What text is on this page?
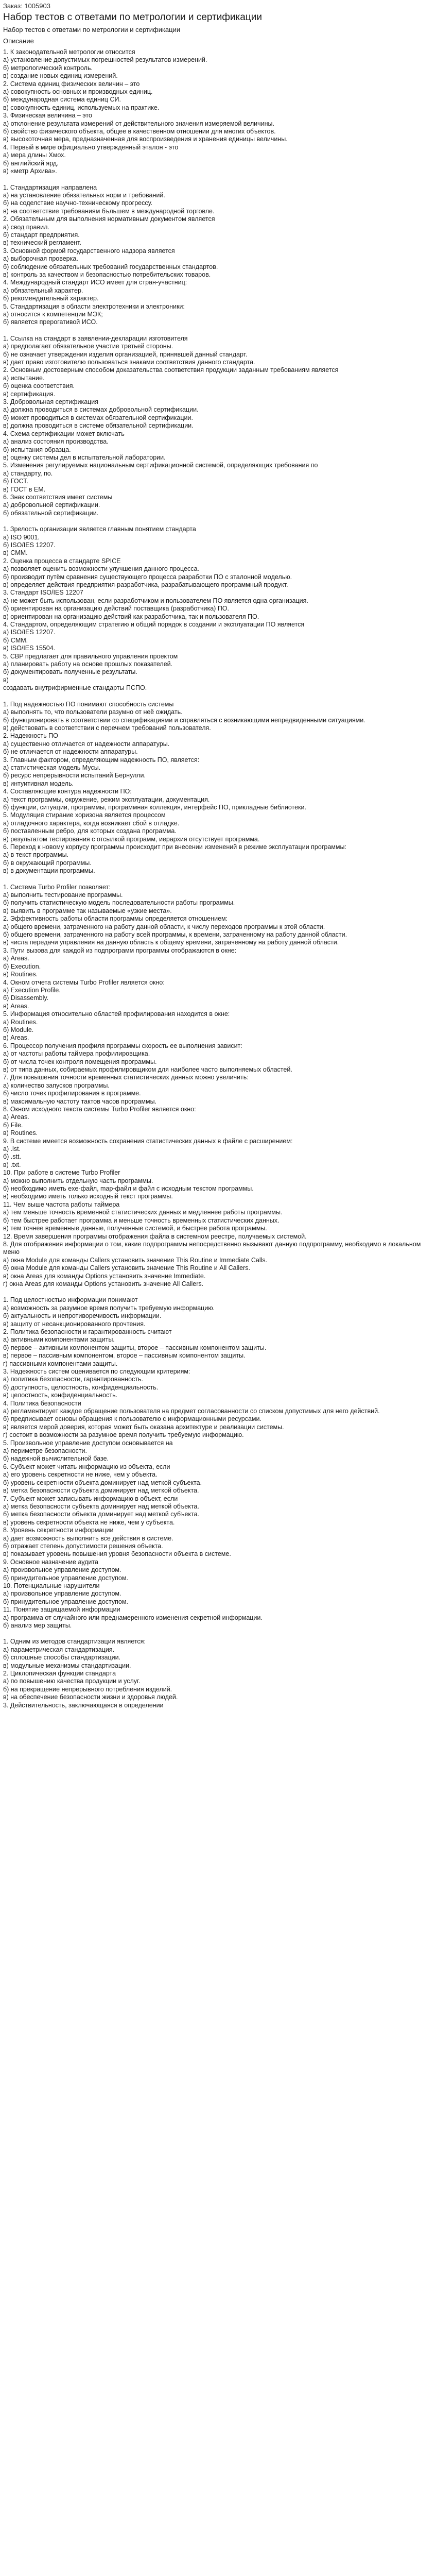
Заказ: 1005903
Набор тестов с ответами по метрологии и сертификации
Набор тестов с ответами по метрологии и сертификации
Описание

1. К законодательной метрологии относится

а) установление допустимых погрешностей результатов измерений.

б) метрологический контроль.

в) создание новых единиц измерений.

2. Система единиц физических величин – это

а) совокупность основных и производных единиц.

б) международная система единиц СИ.

в) совокупность единиц, используемых на практике.

3. Физическая величина – это

а) отклонение результата измерений от действительного значения измеряемой величины.

б) свойство физического объекта, общее в качественном отношении для многих объектов.

в) высокоточная мера, предназначенная для воспроизведения и хранения единицы величины.

4. Первый в мире официально утвержденный эталон - это

а) мера длины Хмох.

б) английский ярд.

в) «метр Архива».

1. Стандартизация направлена

а) на установление обязательных норм и требований.

б) на соделствие научно-техническому прогрессу.

в) на соответствие требованиям бъльшем в международной торговле.

2. Обязательным для выполнения нормативным документом является

а) свод правил.

б) стандарт предприятия.

в) технический регламент.

3. Основной формой государственного надзора является

а) выборочная проверка.

б) соблюдение обязательных требований государственных стандартов.

в) контроль за качеством и безопасностью потребительских товаров.

4. Международный стандарт ИСО имеет для стран-участниц:

а) обязательный характер.

б) рекомендательный характер.

5. Стандартизация в области электротехники и электроники:

а) относится к компетенции МЭК;

б) является прерогативой ИСО.

1. Ссылка на стандарт в заявлении-декларации изготовителя

а) предполагает обязательное участие третьей стороны.

б) не означает утверждения изделия организацией, принявшей данный стандарт.

в) дает право изготовителю пользоваться знаками соответствия данного стандарта.

2. Основным достоверным способом доказательства соответствия продукции заданным требованиям является

а) испытание.

б) оценка соответствия.

в) сертификация.

3. Добровольная сертификация

а) должна проводиться в системах добровольной сертификации.

б) может проводиться в системах обязательной сертификации.

в) должна проводиться в системе обязательной сертификации.

4. Схема сертификации может включать

а) анализ состояния производства.

б) испытания образца.

в) оценку системы дел в испытательной лаборатории.

5. Изменения регулируемых национальным сертификационной системой, определяющих требования по

а) стандарту, по.

б) ГОСТ.

в) ГОСТ в ЕМ.

6. Знак соответствия имеет системы

а) добровольной сертификации.

б) обязательной сертификации.

1. Зрелость организации является главным понятием стандарта

а) ISO 9001.

б) ISO/IES 12207.

в) CMM.

2. Оценка процесса в стандарте SPICE

а) позволяет оценить возможности улучшения данного процесса.

б) производит путём сравнения существующего процесса разработки ПО с эталонной моделью.

в) определяет действия предприятия-разработчика, разрабатывающего программный продукт.

3. Стандарт ISO/IES 12207

а) не может быть использован, если разработчиком и пользователем ПО является одна организация.

б) ориентирован на организацию действий поставщика (разработчика) ПО.

в) ориентирован на организацию действий как разработчика, так и пользователя ПО.

4. Стандартом, определяющим стратегию и общий порядок в создании и эксплуатации ПО является

а) ISO/IES 12207.

б) CMM.

в) ISO/IES 15504.

5. CBP предлагает для правильного управления проектом

а) планировать работу на основе прошлых показателей.

б) документировать полученные результаты.

в)

создавать внутрифирменные стандарты ПСПО.

1. Под надежностью ПО понимают способность системы

а) выполнять то, что пользователи разумно от неё ожидать.

б) функционировать в соответствии со спецификациями и справляться с возникающими непредвиденными ситуациями.

в) действовать в соответствии с перечнем требований пользователя.

2. Надежность ПО

а) существенно отличается от надежности аппаратуры.

б) не отличается от надежности аппаратуры.

3. Главным фактором, определяющим надежность ПО, является:

а) статистическая модель Мусы.

б) ресурс непрерывности испытаний Бернулли.

в) интуитивная модель.

4. Составляющие контура надежности ПО:

а) текст программы, окружение, режим эксплуатации, документация.

б) функции, ситуации, программы, программная коллекция, интерфейс ПО, прикладные библиотеки.

5. Модуляция стирание хоризона является процессом

а) отладочного характера, когда возникает сбой в отладке.

б) поставленным ребро, для которых создана программа.

в) результатом тестирования с отсылкой программ, иерархия отсутствует программа.

6. Переход к новому корпусу программы происходит при внесении изменений в режиме эксплуатации программы:

а) в текст программы.

б) в окружающий программы.

в) в документации программы.

1. Система Turbo Profiler позволяет:

а) выполнить тестирование программы.

б) получить статистическую модель последовательности работы программы.

в) выявить в программе так называемые «узкие места».

2. Эффективность работы области программы определяется отношением:

а) общего времени, затраченного на работу данной области, к числу переходов программы к этой области.

б) общего времени, затраченного на работу всей программы, к времени, затраченному на работу данной области.

в) числа передачи управления на данную область к общему времени, затраченному на работу данной области.

3. Пути вызова для каждой из подпрограмм программы отображаются в окне:

а) Areas.

б) Execution.

в) Routines.

4. Окном отчета системы Turbo Profiler является окно:

а) Execution Profile.

б) Disassembly.

в) Areas.

5. Информация относительно областей профилирования находится в окне:

а) Routines.

б) Module.

в) Areas.

6. Процессор получения профиля программы скорость ее выполнения зависит:

а) от частоты работы таймера профилировщика.

б) от числа точек контроля помещения программы.

в) от типа данных, собираемых профилировщиком для наиболее часто выполняемых областей.

7. Для повышения точности временных статистических данных можно увеличить:

а) количество запусков программы.

б) число точек профилирования в программе.

в) максимальную частоту тактов часов программы.

8. Окном исходного текста системы Turbo Profiler является окно:

а) Areas.

б) File.

в) Routines.

9. В системе имеется возможность сохранения статистических данных в файле с расширением:

а) .lst.

б) .stt.

в) .txt.

10. При работе в системе Turbo Profiler

а) можно выполнить отдельную часть программы.

б) необходимо иметь exe-файл, map-файл и файл с исходным текстом программы.

в) необходимо иметь только исходный текст программы.

11. Чем выше частота работы таймера

а) тем меньше точность временной статистических данных и медленнее работы программы.

б) тем быстрее работает программа и меньше точность временных статистических данных.

в) тем точнее временные данные, полученные системой, и быстрее работа программы.

12. Время завершения программы отображения файла в системном реестре, получаемых системой.

8. Для отображения информации о том, какие подпрограммы непосредственно вызывают данную подпрограмму, необходимо в локальном меню

а) окна Module для команды Callers установить значение This Routine и Immediate Calls.

б) окна Module для команды Callers установить значение This Routine и All Callers.

в) окна Areas для команды Options установить значение Immediate.

г) окна Areas для команды Options установить значение All Callers.

1. Под целостностью информации понимают

а) возможность за разумное время получить требуемую информацию.

б) актуальность и непротиворечивость информации.

в) защиту от несанкционированного прочтения.

2. Политика безопасности и гарантированность считают

а) активными компонентами защиты.

б) первое – активным компонентом защиты, второе – пассивным компонентом защиты.

в) первое – пассивным компонентом, второе – пассивным компонентом защиты.

г) пассивными компонентами защиты.

3. Надежность систем оценивается по следующим критериям:

а) политика безопасности, гарантированность.

б) доступность, целостность, конфиденциальность.

в) целостность, конфиденциальность.

4. Политика безопасности

а) регламентирует каждое обращение пользователя на предмет согласованности со списком допустимых для него действий.

б) предписывает основы обращения к пользователю с информационными ресурсами.

в) является мерой доверия, которая может быть оказана архитектуре и реализации системы.

г) состоит в возможности за разумное время получить требуемую информацию.

5. Произвольное управление доступом основывается на

а) периметре безопасности.

б) надежной вычислительной базе.

6. Субъект может читать информацию из объекта, если

а) его уровень секретности не ниже, чем у объекта.

б) уровень секретности объекта доминирует над меткой субъекта.

в) метка безопасности субъекта доминирует над меткой объекта.

7. Субъект может записывать информацию в объект, если

а) метка безопасности субъекта доминирует над меткой объекта.

б) метка безопасности объекта доминирует над меткой субъекта.

в) уровень секретности объекта не ниже, чем у субъекта.

8. Уровень секретности информации

а) дает возможность выполнить все действия в системе.

б) отражает степень допустимости решения объекта.

в) показывает уровень повышения уровня безопасности объекта в системе.

9. Основное назначение аудита

а) произвольное управление доступом.

б) принудительное управление доступом.

10. Потенциальные нарушители

а) произвольное управление доступом.

б) принудительное управление доступом.

11. Понятие защищаемой информации

а) программа от случайного или преднамеренного изменения секретной информации.

б) анализ мер защиты.

1. Одним из методов стандартизации является:

а) параметрическая стандартизация.

б) сплошные способы стандартизации.

в) модульные механизмы стандартизации.

2. Циклопическая функции стандарта

а) по повышению качества продукции и услуг.

б) на прекращение непрерывного потребления изделий.

в) на обеспечение безопасности жизни и здоровья людей.

3. Действительность, заключающаяся в определении
